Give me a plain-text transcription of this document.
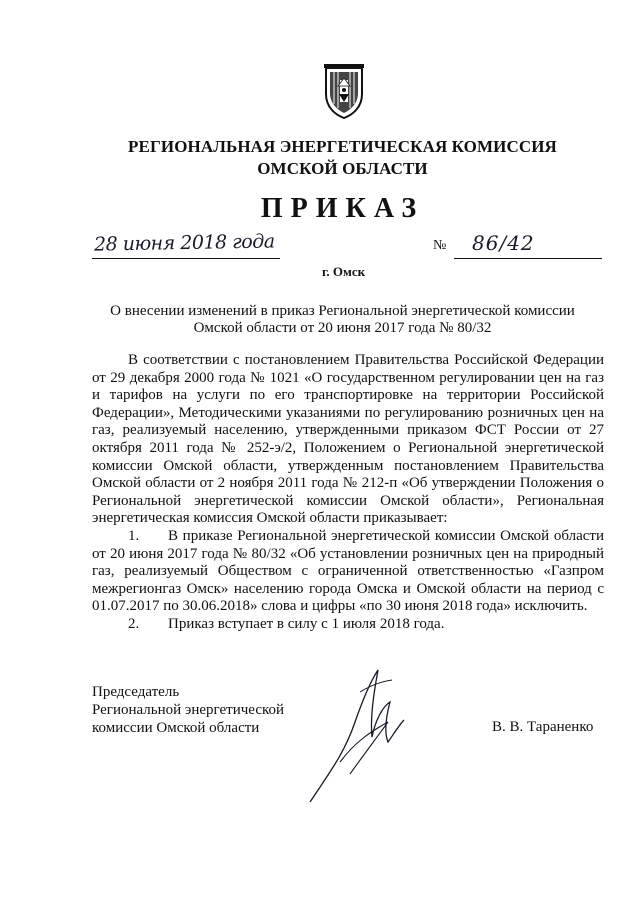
РЕГИОНАЛЬНАЯ ЭНЕРГЕТИЧЕСКАЯ КОМИССИЯ
ОМСКОЙ ОБЛАСТИ
ПРИКАЗ
28 июня 2018 года	№ 86/42
г. Омск
О внесении изменений в приказ Региональной энергетической комиссии
Омской области от 20 июня 2017 года № 80/32

В соответствии с постановлением Правительства Российской Федерации от 29 декабря 2000 года № 1021 «О государственном регулировании цен на газ и тарифов на услуги по его транспортировке на территории Российской Федерации», Методическими указаниями по регулированию розничных цен на газ, реализуемый населению, утвержденными приказом ФСТ России от 27 октября 2011 года № 252-э/2, Положением о Региональной энергетической комиссии Омской области, утвержденным постановлением Правительства Омской области от 2 ноября 2011 года № 212-п «Об утверждении Положения о Региональной энергетической комиссии Омской области», Региональная энергетическая комиссия Омской области приказывает:

1. В приказе Региональной энергетической комиссии Омской области от 20 июня 2017 года № 80/32 «Об установлении розничных цен на природный газ, реализуемый Обществом с ограниченной ответственностью «Газпром межрегионгаз Омск» населению города Омска и Омской области на период с 01.07.2017 по 30.06.2018» слова и цифры «по 30 июня 2018 года» исключить.

2. Приказ вступает в силу с 1 июля 2018 года.

Председатель
Региональной энергетической
комиссии Омской области	В. В. Тараненко
